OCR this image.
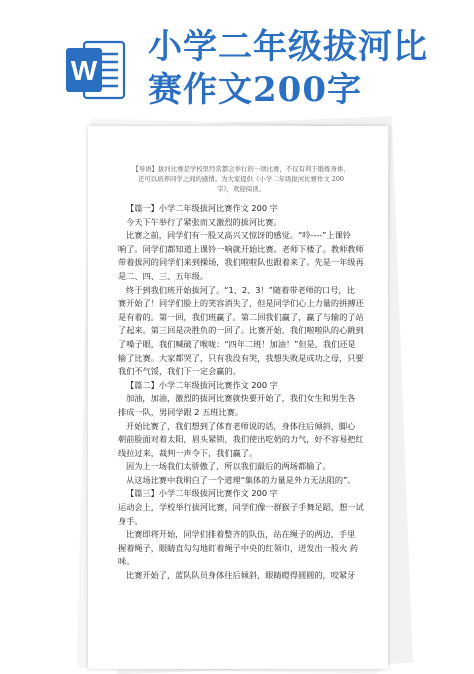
W
小学二年级拔河比
赛作文200字
【导语】拔河比赛是学校里经常都会举行的一项比赛，不仅有利于锻炼身体，
还可以培养同学之间的感情。为大家提供《小学二年级拔河比赛作文 200
字》，欢迎阅读。

【篇一】小学二年级拔河比赛作文 200 字

今天下午举行了紧张而又激烈的拔河比赛。

比赛之前，同学们有一股又高兴又惊讶的感觉。“呤----”上课铃

响了。同学们都知道上课铃一响就开始比赛。老师下楼了。教师教师

带着拔河的同学们来到操场，我们啦啦队也跟着来了。先是一年级再

是二、四、三、五年级。

终于到我们班开始拔河了。“1、2、3！”随着带老师的口号，比

赛开始了！同学们脸上的笑容消失了，但是同学们心上力量的拼搏还

是有着的。第一回，我们班赢了。第二回我们赢了，赢了与输的了站

了起来。第三回是决胜负的一回了。比赛开始，我们啦啦队的心跳到

了嗓子眼，我们喊破了喉咙：“四年二班！加油！”但是，我们还是

输了比赛。大家都哭了，只有我没有哭，我想失败是成功之母，只要

我们不气馁，我们下一定会赢的。

【篇二】小学二年级拔河比赛作文 200 字

加油，加油，激烈的拔河比赛就快要开始了，我们女生和男生各

排成一队，男同学跟 2 五班比赛。

开始比赛了，我们想到了体育老师说的话，身体往后倾斜，脚心

朝前脸面对着太阳，眉头紧锁，我们使出吃奶的力气，好不容易把红

线拉过来，裁判一声令下，我们赢了。

因为上一场我们太骄傲了，所以我们最后的两场都输了。

从这场比赛中我明白了一个道理“集体的力量是外力无法阻的”。

【篇三】小学二年级拔河比赛作文 200 字

运动会上，学校举行拔河比赛，同学们像一群猴子手舞足蹈，想一试

身手。

比赛即将开始，同学们排着整齐的队伍，站在绳子的两边，手里

握着绳子，眼睛直勾勾地盯着绳子中央的红领巾，迸发出一股火 药味。

比赛开始了，蓝队队员身体往后倾斜，眼睛瞪得圆圆的，咬紧牙
